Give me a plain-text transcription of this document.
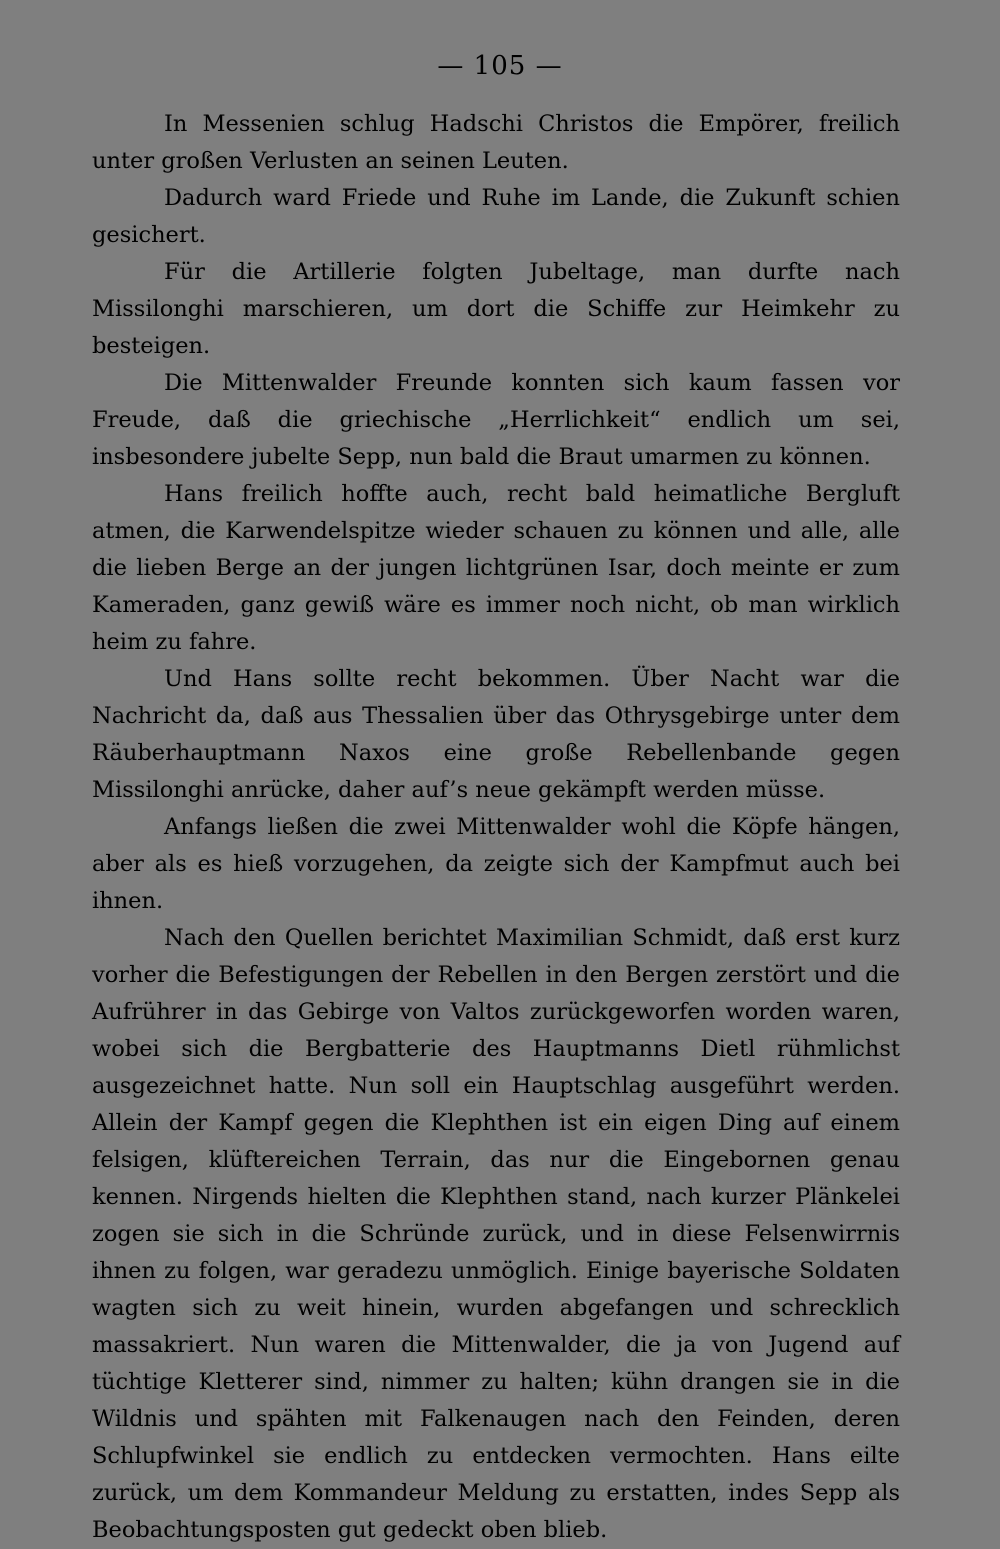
— 105 —

In Messenien schlug Hadschi Christos die Empörer, freilich unter großen Verlusten an seinen Leuten.

Dadurch ward Friede und Ruhe im Lande, die Zukunft schien gesichert.

Für die Artillerie folgten Jubeltage, man durfte nach Missilonghi marschieren, um dort die Schiffe zur Heimkehr zu besteigen.

Die Mittenwalder Freunde konnten sich kaum fassen vor Freude, daß die griechische „Herrlichkeit“ endlich um sei, insbesondere jubelte Sepp, nun bald die Braut umarmen zu können.

Hans freilich hoffte auch, recht bald heimatliche Bergluft atmen, die Karwendelspitze wieder schauen zu können und alle, alle die lieben Berge an der jungen lichtgrünen Isar, doch meinte er zum Kameraden, ganz gewiß wäre es immer noch nicht, ob man wirklich heim zu fahre.

Und Hans sollte recht bekommen. Über Nacht war die Nachricht da, daß aus Thessalien über das Othrysgebirge unter dem Räuberhauptmann Naxos eine große Rebellenbande gegen Missilonghi anrücke, daher auf’s neue gekämpft werden müsse.

Anfangs ließen die zwei Mittenwalder wohl die Köpfe hängen, aber als es hieß vorzugehen, da zeigte sich der Kampfmut auch bei ihnen.

Nach den Quellen berichtet Maximilian Schmidt, daß erst kurz vorher die Befestigungen der Rebellen in den Bergen zerstört und die Aufrührer in das Gebirge von Valtos zurückgeworfen worden waren, wobei sich die Bergbatterie des Hauptmanns Dietl rühmlichst ausgezeichnet hatte. Nun soll ein Hauptschlag ausgeführt werden. Allein der Kampf gegen die Klephthen ist ein eigen Ding auf einem felsigen, klüftereichen Terrain, das nur die Eingebornen genau kennen. Nirgends hielten die Klephthen stand, nach kurzer Plänkelei zogen sie sich in die Schründe zurück, und in diese Felsenwirrnis ihnen zu folgen, war geradezu unmöglich. Einige bayerische Soldaten wagten sich zu weit hinein, wurden abgefangen und schrecklich massakriert. Nun waren die Mittenwalder, die ja von Jugend auf tüchtige Kletterer sind, nimmer zu halten; kühn drangen sie in die Wildnis und spähten mit Falkenaugen nach den Feinden, deren Schlupfwinkel sie endlich zu entdecken vermochten. Hans eilte zurück, um dem Kommandeur Meldung zu erstatten, indes Sepp als Beobachtungsposten gut gedeckt oben blieb.
